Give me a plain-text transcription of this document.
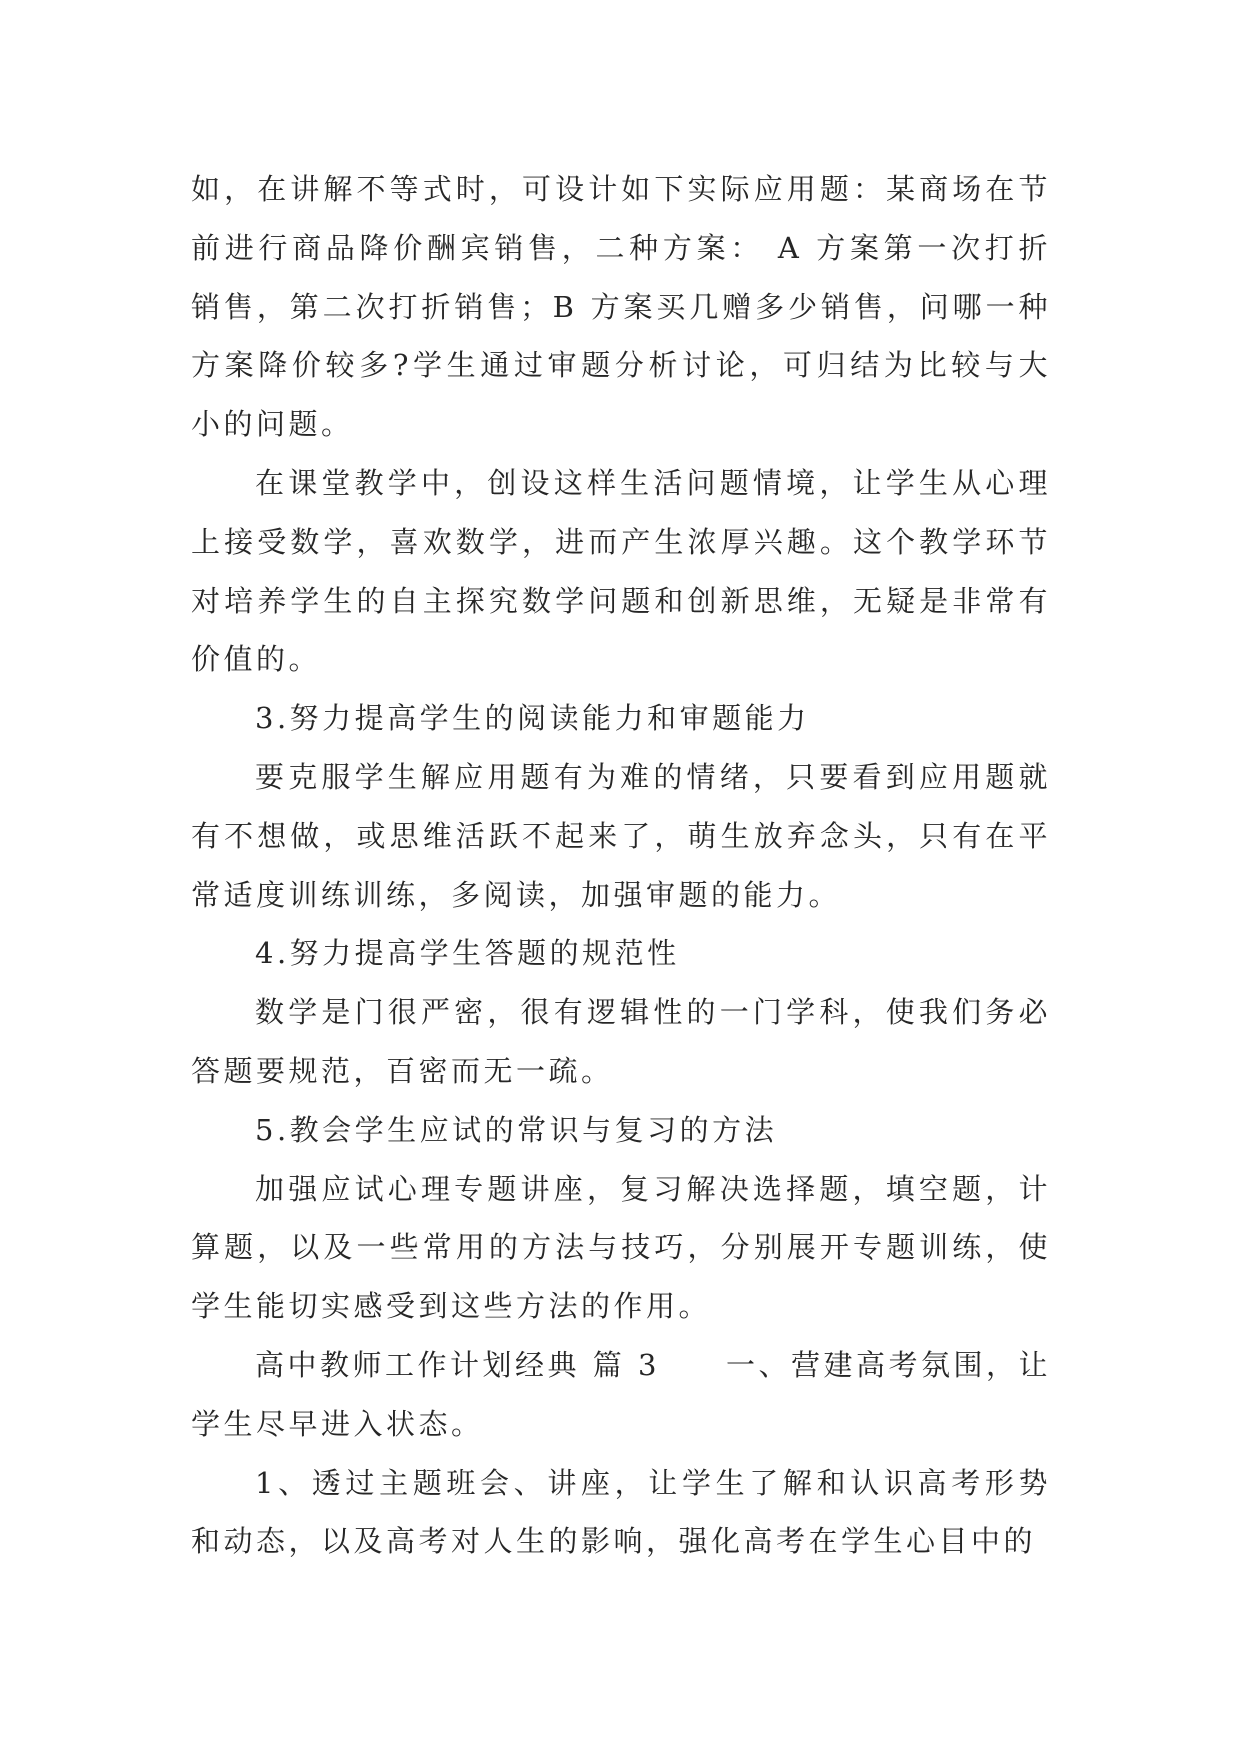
如，在讲解不等式时，可设计如下实际应用题：某商场在节前进行商品降价酬宾销售，二种方案： A 方案第一次打折销售，第二次打折销售；B 方案买几赠多少销售，问哪一种方案降价较多?学生通过审题分析讨论，可归结为比较与大小的问题。

在课堂教学中，创设这样生活问题情境，让学生从心理上接受数学，喜欢数学，进而产生浓厚兴趣。这个教学环节对培养学生的自主探究数学问题和创新思维，无疑是非常有价值的。

3.努力提高学生的阅读能力和审题能力

要克服学生解应用题有为难的情绪，只要看到应用题就有不想做，或思维活跃不起来了，萌生放弃念头，只有在平常适度训练训练，多阅读，加强审题的能力。

4.努力提高学生答题的规范性

数学是门很严密，很有逻辑性的一门学科，使我们务必答题要规范，百密而无一疏。

5.教会学生应试的常识与复习的方法

加强应试心理专题讲座，复习解决选择题，填空题，计算题，以及一些常用的方法与技巧，分别展开专题训练，使学生能切实感受到这些方法的作用。

高中教师工作计划经典 篇 3 一、营建高考氛围，让学生尽早进入状态。

1、透过主题班会、讲座，让学生了解和认识高考形势和动态，以及高考对人生的影响，强化高考在学生心目中的
